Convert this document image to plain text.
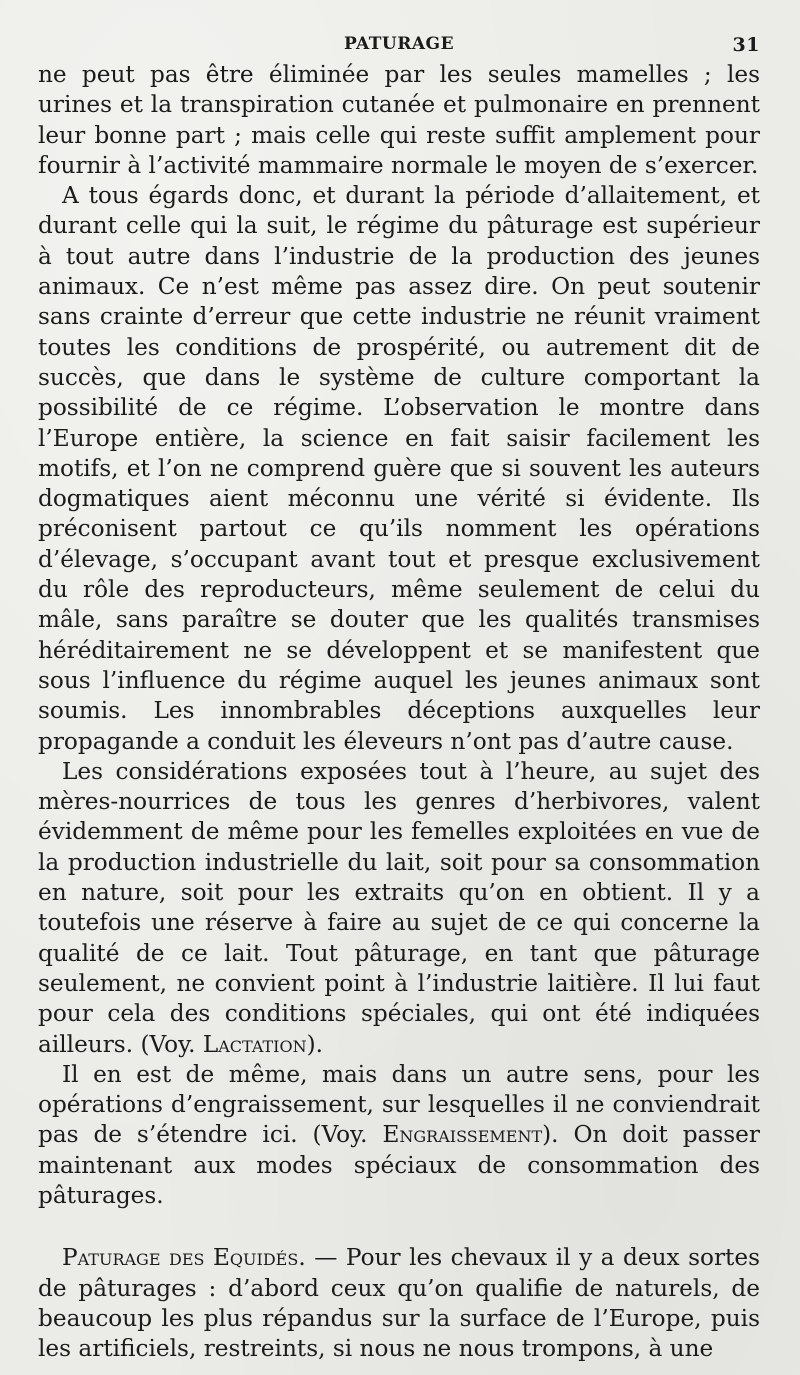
PATURAGE	31

ne peut pas être éliminée par les seules mamelles ; les urines et la transpiration cutanée et pulmonaire en prennent leur bonne part ; mais celle qui reste suffit amplement pour fournir à l’activité mammaire normale le moyen de s’exercer.

A tous égards donc, et durant la période d’allaitement, et durant celle qui la suit, le régime du pâturage est supérieur à tout autre dans l’industrie de la production des jeunes animaux. Ce n’est même pas assez dire. On peut soutenir sans crainte d’erreur que cette industrie ne réunit vraiment toutes les conditions de prospérité, ou autrement dit de succès, que dans le système de culture comportant la possibilité de ce régime. L’observation le montre dans l’Europe entière, la science en fait saisir facilement les motifs, et l’on ne comprend guère que si souvent les auteurs dogmatiques aient méconnu une vérité si évidente. Ils préconisent partout ce qu’ils nomment les opérations d’élevage, s’occupant avant tout et presque exclusivement du rôle des reproducteurs, même seulement de celui du mâle, sans paraître se douter que les qualités transmises héréditairement ne se développent et se manifestent que sous l’influence du régime auquel les jeunes animaux sont soumis. Les innombrables déceptions auxquelles leur propagande a conduit les éleveurs n’ont pas d’autre cause.

Les considérations exposées tout à l’heure, au sujet des mères-nourrices de tous les genres d’herbivores, valent évidemment de même pour les femelles exploitées en vue de la production industrielle du lait, soit pour sa consommation en nature, soit pour les extraits qu’on en obtient. Il y a toutefois une réserve à faire au sujet de ce qui concerne la qualité de ce lait. Tout pâturage, en tant que pâturage seulement, ne convient point à l’industrie laitière. Il lui faut pour cela des conditions spéciales, qui ont été indiquées ailleurs. (Voy. Lactation).

Il en est de même, mais dans un autre sens, pour les opérations d’engraissement, sur lesquelles il ne conviendrait pas de s’étendre ici. (Voy. Engraissement). On doit passer maintenant aux modes spéciaux de consommation des pâturages.

Paturage des Equidés. — Pour les chevaux il y a deux sortes de pâturages : d’abord ceux qu’on qualifie de naturels, de beaucoup les plus répandus sur la surface de l’Europe, puis les artificiels, restreints, si nous ne nous trompons, à une
